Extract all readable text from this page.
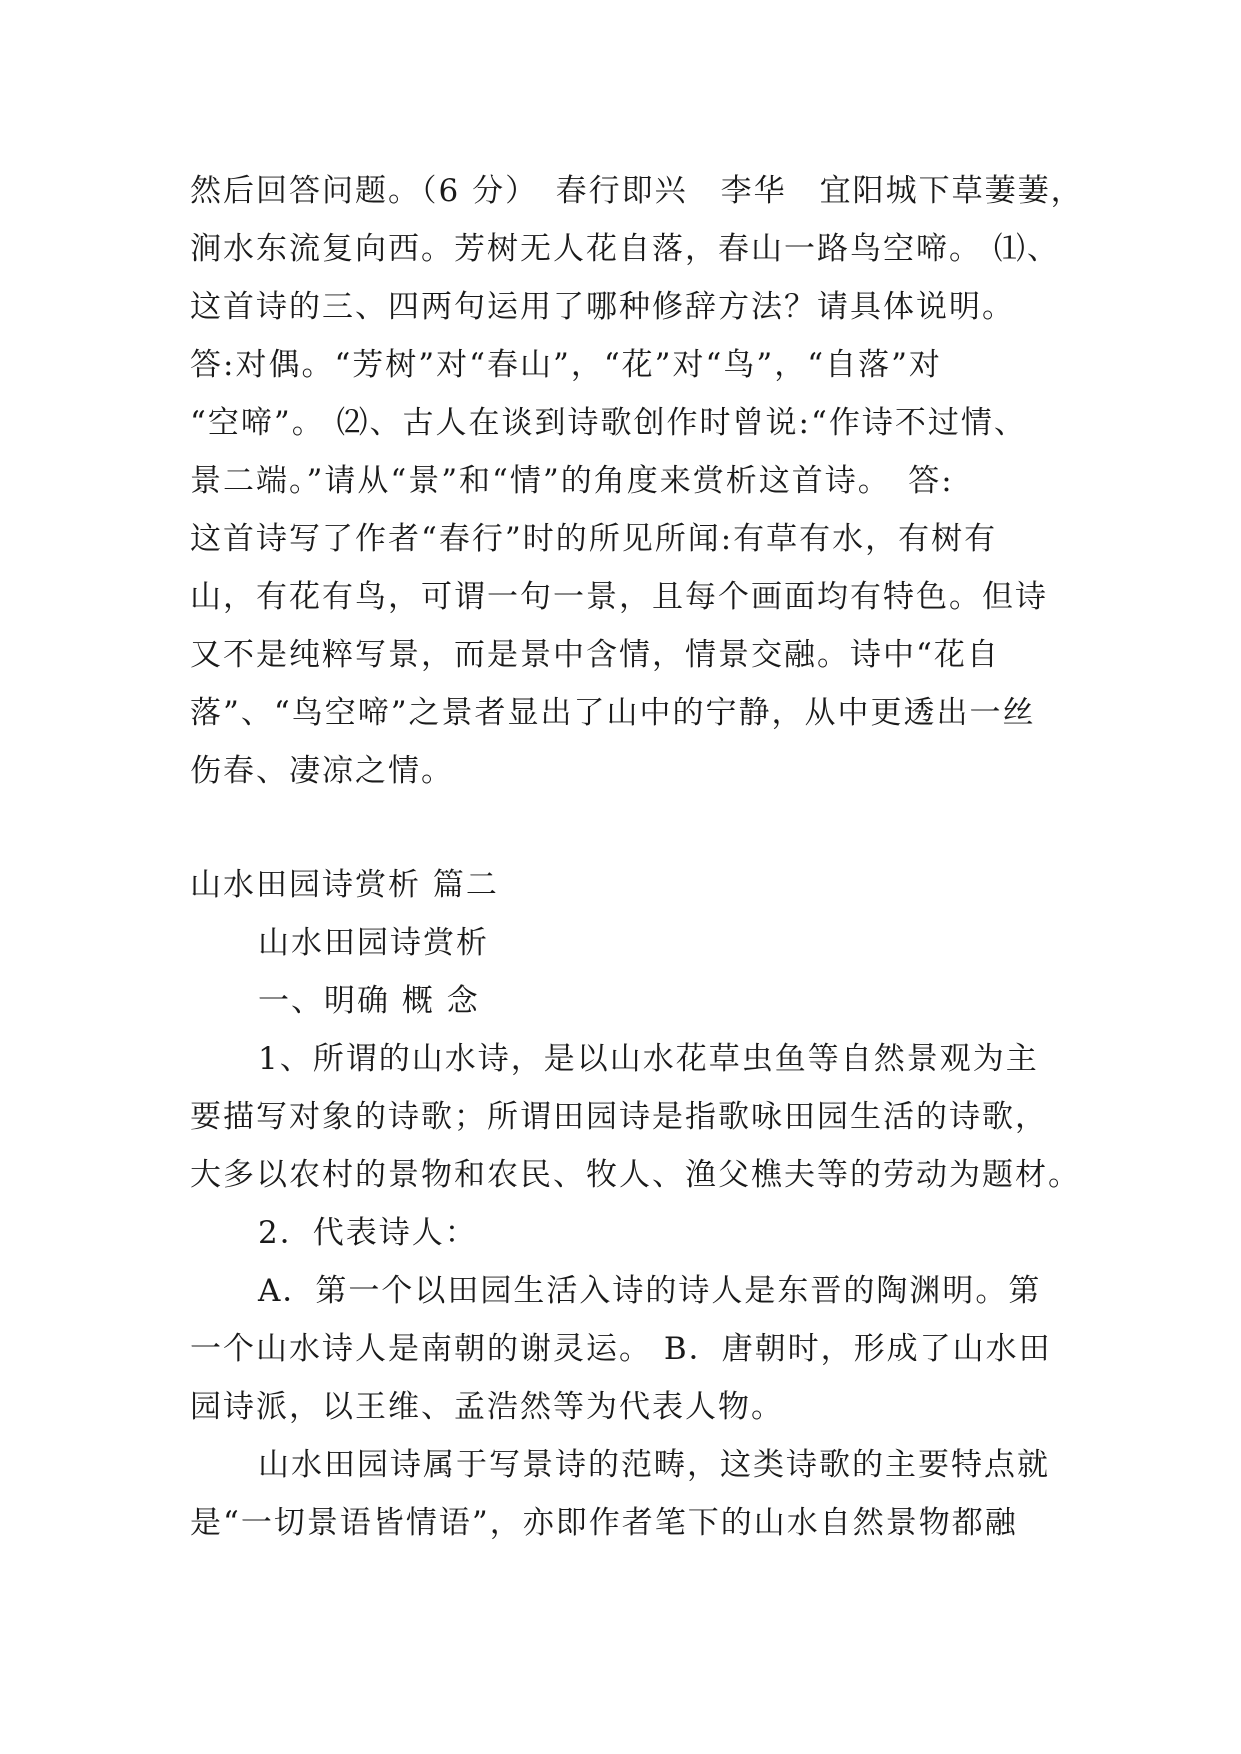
然后回答问题。（6 分）　春行即兴　李华　宜阳城下草萋萋，
涧水东流复向西。芳树无人花自落，春山一路鸟空啼。 ⑴、
这首诗的三、四两句运用了哪种修辞方法？请具体说明。
答:对偶。“芳树”对“春山”，“花”对“鸟”，“自落”对
“空啼”。 ⑵、古人在谈到诗歌创作时曾说:“作诗不过情、
景二端。”请从“景”和“情”的角度来赏析这首诗。　答:
这首诗写了作者“春行”时的所见所闻:有草有水，有树有
山，有花有鸟，可谓一句一景，且每个画面均有特色。但诗
又不是纯粹写景，而是景中含情，情景交融。诗中“花自
落”、“鸟空啼”之景者显出了山中的宁静，从中更透出一丝
伤春、凄凉之情。
山水田园诗赏析 篇二
山水田园诗赏析
一、明确 概 念
1、所谓的山水诗，是以山水花草虫鱼等自然景观为主
要描写对象的诗歌；所谓田园诗是指歌咏田园生活的诗歌，
大多以农村的景物和农民、牧人、渔父樵夫等的劳动为题材。
2．代表诗人：
A．第一个以田园生活入诗的诗人是东晋的陶渊明。第
一个山水诗人是南朝的谢灵运。 B．唐朝时，形成了山水田
园诗派，以王维、孟浩然等为代表人物。
山水田园诗属于写景诗的范畴，这类诗歌的主要特点就
是“一切景语皆情语”，亦即作者笔下的山水自然景物都融
